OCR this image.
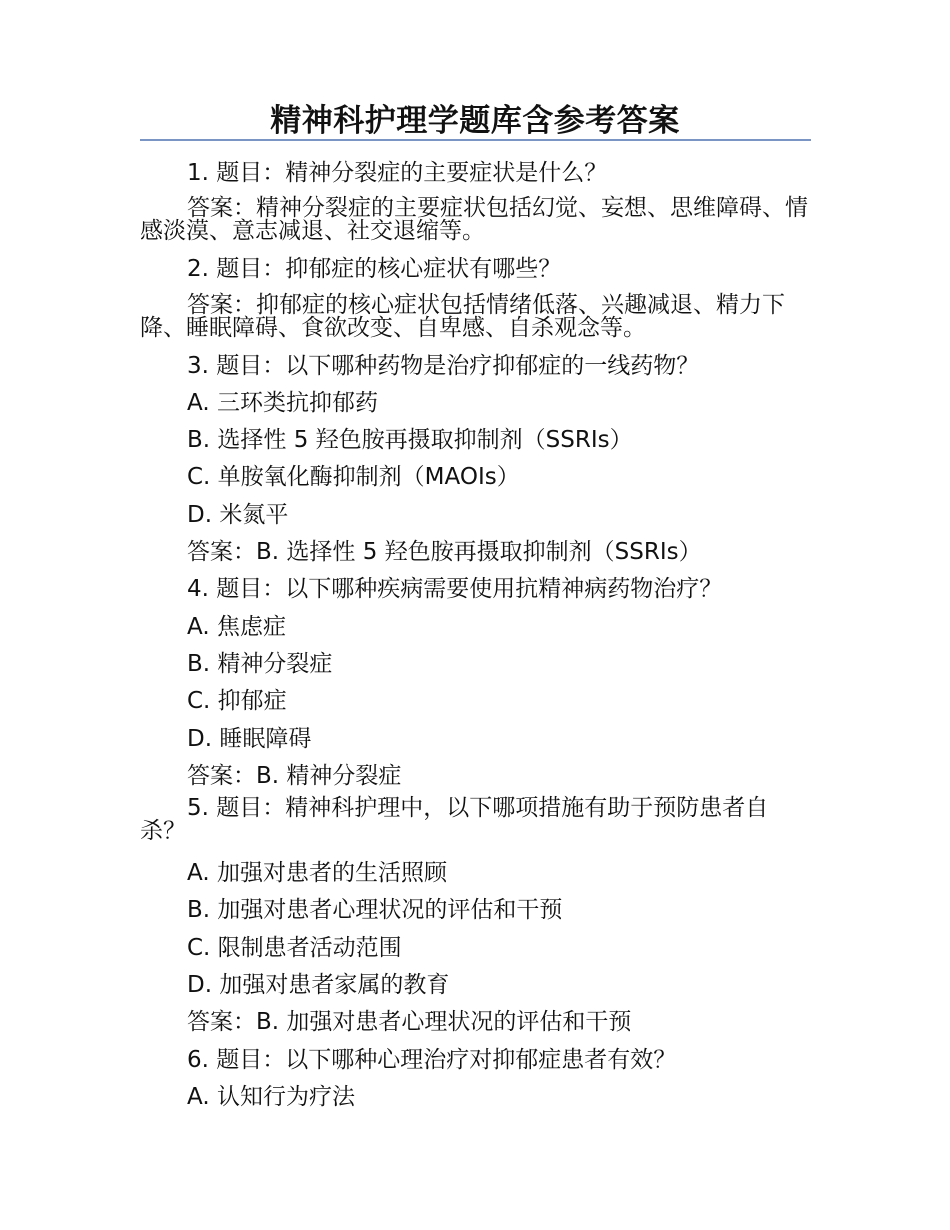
精神科护理学题库含参考答案
1. 题目：精神分裂症的主要症状是什么？
答案：精神分裂症的主要症状包括幻觉、妄想、思维障碍、情感淡漠、意志减退、社交退缩等。
2. 题目：抑郁症的核心症状有哪些？
答案：抑郁症的核心症状包括情绪低落、兴趣减退、精力下降、睡眠障碍、食欲改变、自卑感、自杀观念等。
3. 题目：以下哪种药物是治疗抑郁症的一线药物？
A. 三环类抗抑郁药
B. 选择性 5 羟色胺再摄取抑制剂（SSRIs）
C. 单胺氧化酶抑制剂（MAOIs）
D. 米氮平
答案：B. 选择性 5 羟色胺再摄取抑制剂（SSRIs）
4. 题目：以下哪种疾病需要使用抗精神病药物治疗？
A. 焦虑症
B. 精神分裂症
C. 抑郁症
D. 睡眠障碍
答案：B. 精神分裂症
5. 题目：精神科护理中，以下哪项措施有助于预防患者自杀？
A. 加强对患者的生活照顾
B. 加强对患者心理状况的评估和干预
C. 限制患者活动范围
D. 加强对患者家属的教育
答案：B. 加强对患者心理状况的评估和干预
6. 题目：以下哪种心理治疗对抑郁症患者有效？
A. 认知行为疗法
